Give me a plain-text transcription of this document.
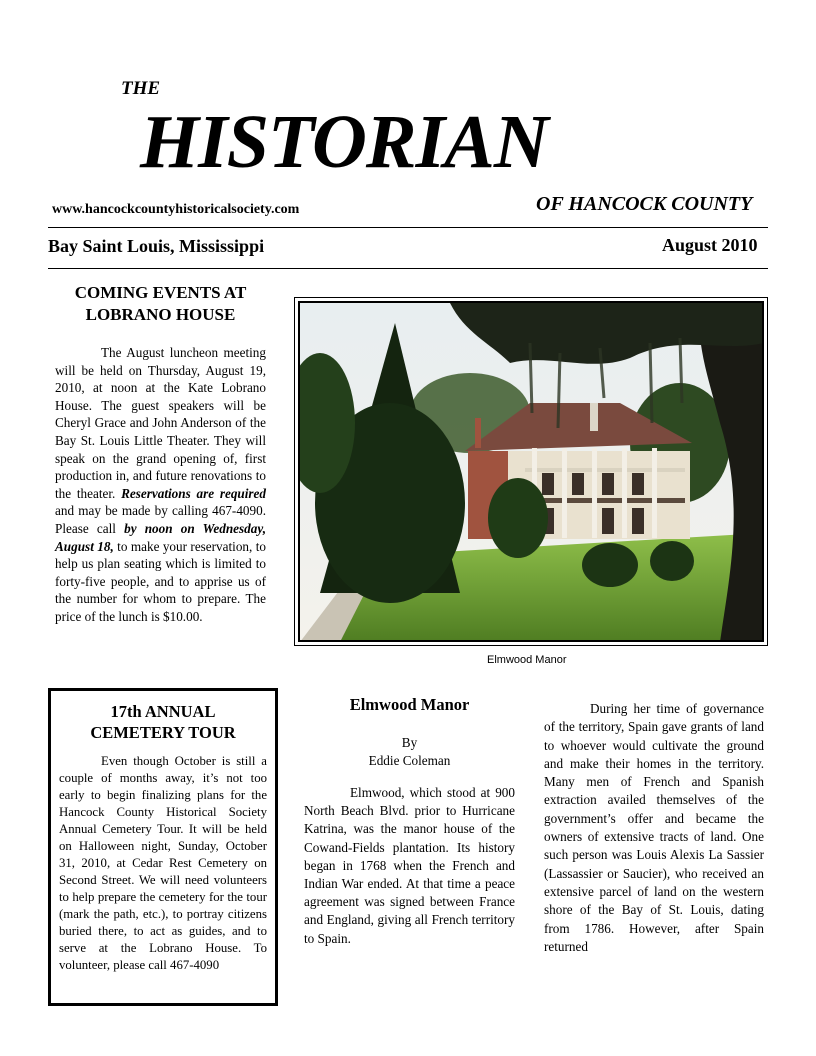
THE
HISTORIAN
www.hancockcountyhistoricalsociety.com	OF HANCOCK COUNTY
Bay Saint Louis, Mississippi	August 2010
COMING EVENTS AT
LOBRANO HOUSE

The August luncheon meeting will be held on Thursday, August 19, 2010, at noon at the Kate Lobrano House. The guest speakers will be Cheryl Grace and John Anderson of the Bay St. Louis Little Theater. They will speak on the grand opening of, first production in, and future renovations to the theater. Reservations are required and may be made by calling 467-4090. Please call by noon on Wednesday, August 18, to make your reservation, to help us plan seating which is limited to forty-five people, and to apprise us of the number for whom to prepare. The price of the lunch is $10.00.

Elmwood Manor
17th ANNUAL
CEMETERY TOUR

Even though October is still a couple of months away, it’s not too early to begin finalizing plans for the Hancock County Historical Society Annual Cemetery Tour. It will be held on Halloween night, Sunday, October 31, 2010, at Cedar Rest Cemetery on Second Street. We will need volunteers to help prepare the cemetery for the tour (mark the path, etc.), to portray citizens buried there, to act as guides, and to serve at the Lobrano House. To volunteer, please call 467-4090

Elmwood Manor
By
Eddie Coleman

Elmwood, which stood at 900 North Beach Blvd. prior to Hurricane Katrina, was the manor house of the Cowand-Fields plantation. Its history began in 1768 when the French and Indian War ended. At that time a peace agreement was signed between France and England, giving all French territory to Spain.

During her time of governance of the territory, Spain gave grants of land to whoever would cultivate the ground and make their homes in the territory. Many men of French and Spanish extraction availed themselves of the government’s offer and became the owners of extensive tracts of land. One such person was Louis Alexis La Sassier (Lassassier or Saucier), who received an extensive parcel of land on the western shore of the Bay of St. Louis, dating from 1786. However, after Spain returned
